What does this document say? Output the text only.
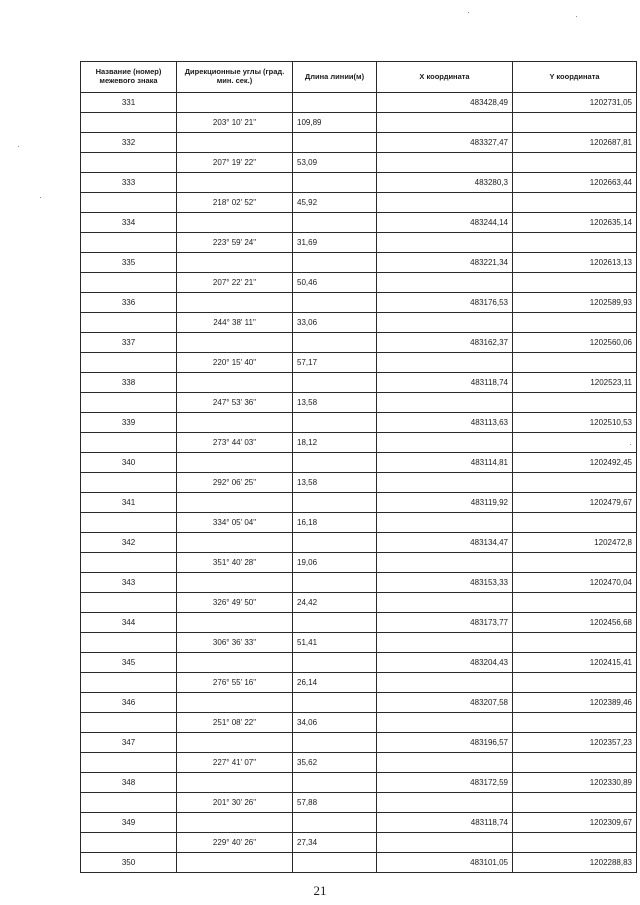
Название (номер) межевого знака	Дирекционные углы (град. мин. сек.)	Длина линии(м)	X координата	Y координата
331			483428,49	1202731,05
	203° 10' 21"	109,89		
332			483327,47	1202687,81
	207° 19' 22"	53,09		
333			483280,3	1202663,44
	218° 02' 52"	45,92		
334			483244,14	1202635,14
	223° 59' 24"	31,69		
335			483221,34	1202613,13
	207° 22' 21"	50,46		
336			483176,53	1202589,93
	244° 38' 11"	33,06		
337			483162,37	1202560,06
	220° 15' 40"	57,17		
338			483118,74	1202523,11
	247° 53' 36"	13,58		
339			483113,63	1202510,53
	273° 44' 03"	18,12		
340			483114,81	1202492,45
	292° 06' 25"	13,58		
341			483119,92	1202479,67
	334° 05' 04"	16,18		
342			483134,47	1202472,8
	351° 40' 28"	19,06		
343			483153,33	1202470,04
	326° 49' 50"	24,42		
344			483173,77	1202456,68
	306° 36' 33"	51,41		
345			483204,43	1202415,41
	276° 55' 16"	26,14		
346			483207,58	1202389,46
	251° 08' 22"	34,06		
347			483196,57	1202357,23
	227° 41' 07"	35,62		
348			483172,59	1202330,89
	201° 30' 26"	57,88		
349			483118,74	1202309,67
	229° 40' 26"	27,34		
350			483101,05	1202288,83
21
